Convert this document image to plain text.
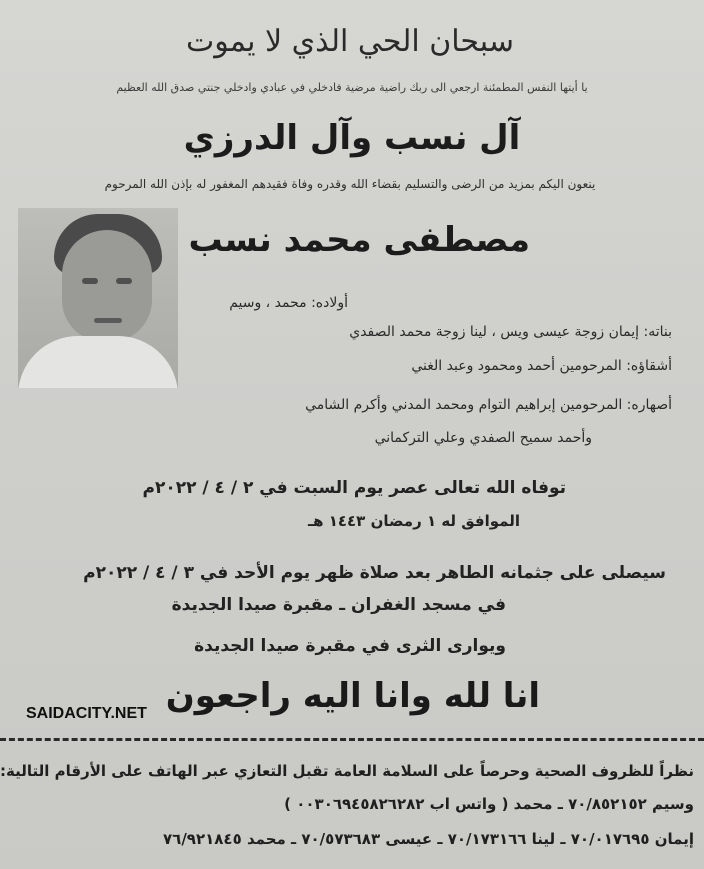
سبحان الحي الذي لا يموت
يا أيتها النفس المطمئنة ارجعي الى ربك راضية مرضية فادخلي في عبادي وادخلي جنتي صدق الله العظيم
آل نسب وآل الدرزي
ينعون اليكم بمزيد من الرضى والتسليم بقضاء الله وقدره وفاة فقيدهم المغفور له بإذن الله المرحوم
مصطفى محمد نسب
أولاده: محمد ، وسيم
بناته: إيمان زوجة عيسى ويس ، لينا زوجة محمد الصفدي
أشقاؤه: المرحومين أحمد ومحمود وعبد الغني
أصهاره: المرحومين إبراهيم التوام ومحمد المدني وأكرم الشامي
وأحمد سميح الصفدي وعلي التركماني
توفاه الله تعالى عصر يوم السبت في ٢ / ٤ / ٢٠٢٢م
الموافق له ١ رمضان ١٤٤٣ هـ
سيصلى على جثمانه الطاهر بعد صلاة ظهر يوم الأحد في ٣ / ٤ / ٢٠٢٢م
في مسجد الغفران ـ مقبرة صيدا الجديدة
ويوارى الثرى في مقبرة صيدا الجديدة
انا لله وانا اليه راجعون
SAIDACITY.NET
نظراً للظروف الصحية وحرصاً على السلامة العامة تقبل التعازي عبر الهاتف على الأرقام التالية:
وسيم ٧٠/٨٥٢١٥٢ ـ محمد ( واتس اب ٠٠٣٠٦٩٤٥٨٢٦٢٨٢ )
إيمان ٧٠/٠١٧٦٩٥ ـ لينا ٧٠/١٧٣١٦٦ ـ عيسى ٧٠/٥٧٣٦٨٣ ـ محمد ٧٦/٩٢١٨٤٥
